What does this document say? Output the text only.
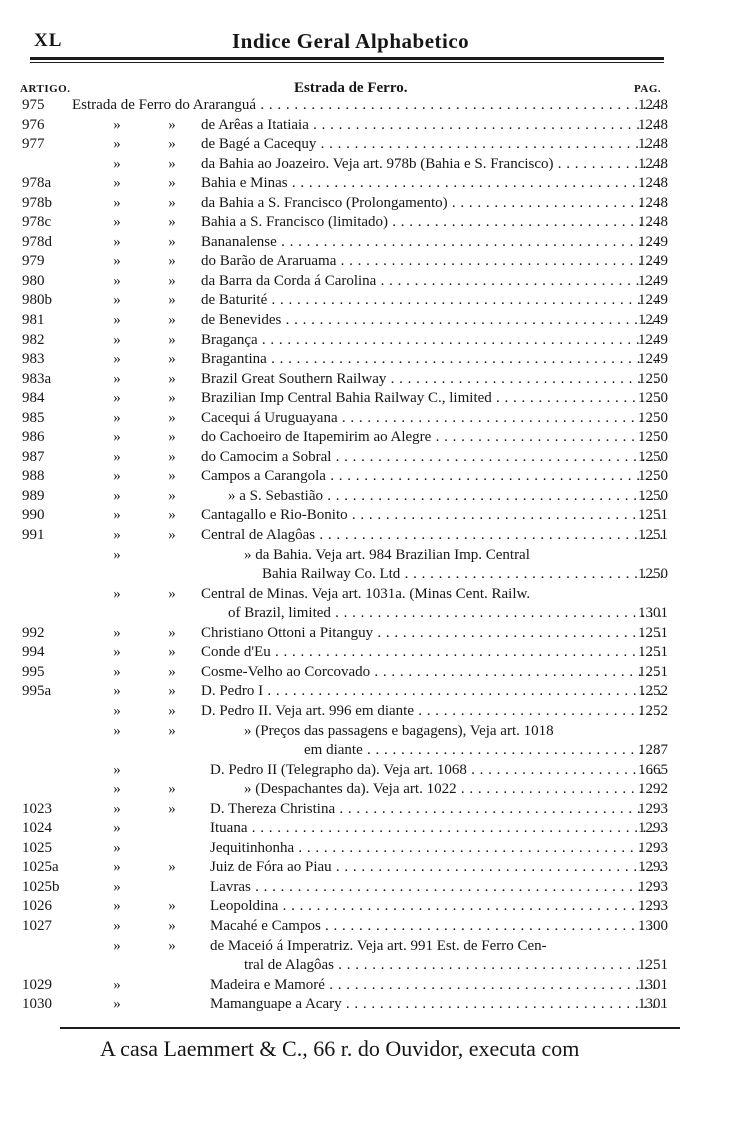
XL	Indice Geral Alphabetico
ARTIGO.	Estrada de Ferro.	PAG.
975	Estrada de Ferro do Araranguá . . .	1248
976	»	» de Arêas a Itatiaia . . .	1248
977	»	» de Bagé a Cacequy . . .	1248
»	» da Bahia ao Joazeiro. Veja art. 978b (Bahia e S. Francisco) . . .	1248
978a	»	» Bahia e Minas . . .	1248
978b	»	» da Bahia a S. Francisco (Prolongamento) . . .	1248
978c	»	» Bahia a S. Francisco (limitado) . . .	1248
978d	»	» Bananalense . . .	1249
979	»	» do Barão de Araruama . . .	1249
980	»	» da Barra da Corda á Carolina . . .	1249
980b	»	» de Baturité . . .	1249
981	»	» de Benevides . . .	1249
982	»	» Bragança . . .	1249
983	»	» Bragantina . . .	1249
983a	»	» Brazil Great Southern Railway . . .	1250
984	»	» Brazilian Imp Central Bahia Railway C., limited . . .	1250
985	»	» Cacequi á Uruguayana . . .	1250
986	»	» do Cachoeiro de Itapemirim ao Alegre . . .	1250
987	»	» do Camocim a Sobral . . .	1250
988	»	» Campos a Carangola . . .	1250
989	»	»	» a S. Sebastião . . .	1250
990	»	» Cantagallo e Rio-Bonito . . .	1251
991	»	» Central de Alagôas . . .	1251
»	» da Bahia. Veja art. 984 Brazilian Imp. Central
Bahia Railway Co. Ltd . . .	1250
»	» Central de Minas. Veja art. 1031a. (Minas Cent. Railw.
of Brazil, limited . . .	1301
992	»	» Christiano Ottoni a Pitanguy . . .	1251
994	»	» Conde d'Eu . . .	1251
995	»	» Cosme-Velho ao Corcovado . . .	1251
995a	»	» D. Pedro I . . .	1252
»	» D. Pedro II. Veja art. 996 em diante . . .	1252
»	»	» (Preços das passagens e bagagens), Veja art. 1018
em diante . . .	1287
»	D. Pedro II (Telegrapho da). Veja art. 1068 . . .	1665
»	»	» (Despachantes da). Veja art. 1022 . . .	1292
1023	»	» D. Thereza Christina . . .	1293
1024	»	Ituana . . .	1293
1025	»	Jequitinhonha . . .	1293
1025a	»	» Juiz de Fóra ao Piau . . .	1293
1025b	»	Lavras . . .	1293
1026	»	» Leopoldina . . .	1293
1027	»	» Macahé e Campos . . .	1300
»	» de Maceió á Imperatriz. Veja art. 991 Est. de Ferro Cen-
tral de Alagôas . . .	1251
1029	»	Madeira e Mamoré . . .	1301
1030	»	Mamanguape a Acary . . .	1301
A casa Laemmert & C., 66 r. do Ouvidor, executa com
